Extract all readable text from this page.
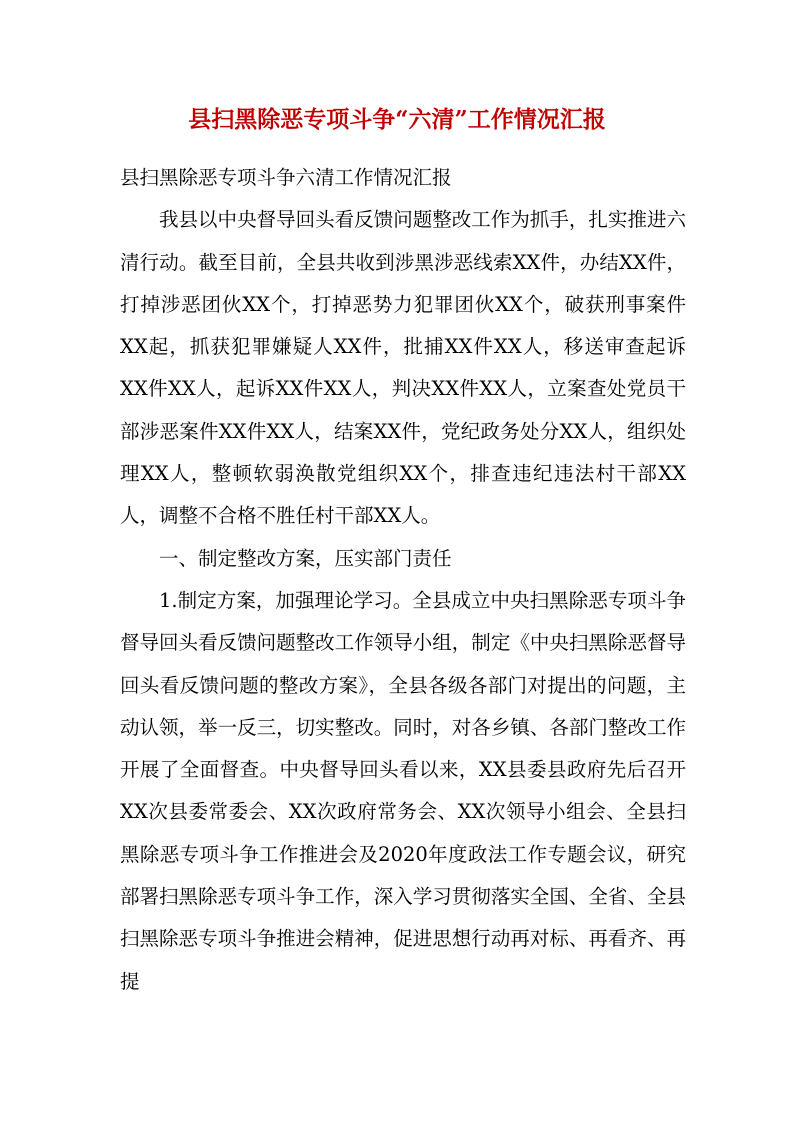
县扫黑除恶专项斗争“六清”工作情况汇报

县扫黑除恶专项斗争六清工作情况汇报

我县以中央督导回头看反馈问题整改工作为抓手，扎实推进六清行动。截至目前，全县共收到涉黑涉恶线索XX件，办结XX件，打掉涉恶团伙XX个，打掉恶势力犯罪团伙XX个，破获刑事案件XX起，抓获犯罪嫌疑人XX件，批捕XX件XX人，移送审查起诉XX件XX人，起诉XX件XX人，判决XX件XX人，立案查处党员干部涉恶案件XX件XX人，结案XX件，党纪政务处分XX人，组织处理XX人，整顿软弱涣散党组织XX个，排查违纪违法村干部XX人，调整不合格不胜任村干部XX人。

一、制定整改方案，压实部门责任

1.制定方案，加强理论学习。全县成立中央扫黑除恶专项斗争督导回头看反馈问题整改工作领导小组，制定《中央扫黑除恶督导回头看反馈问题的整改方案》，全县各级各部门对提出的问题，主动认领，举一反三，切实整改。同时，对各乡镇、各部门整改工作开展了全面督查。中央督导回头看以来，XX县委县政府先后召开XX次县委常委会、XX次政府常务会、XX次领导小组会、全县扫黑除恶专项斗争工作推进会及2020年度政法工作专题会议，研究部署扫黑除恶专项斗争工作，深入学习贯彻落实全国、全省、全县扫黑除恶专项斗争推进会精神，促进思想行动再对标、再看齐、再提
